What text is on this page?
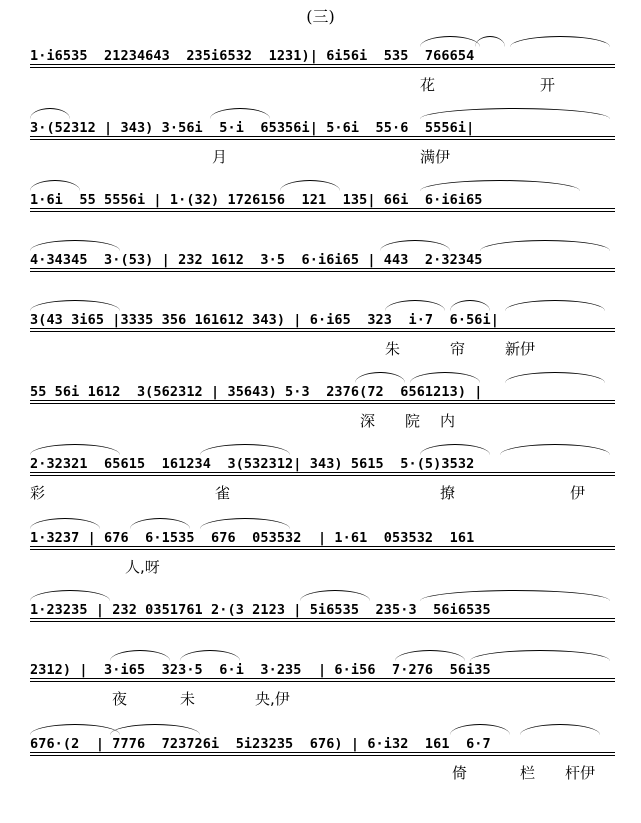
(三)
1·i6535  21234643  235i6532  1231)| 6i56i  535  766654
花	开
3·(52312 | 343) 3·56i  5·i  65356i| 5·6i  55·6  5556i|
月	满伊
1·6i  55 5556i | 1·(32) 1726156  121  135| 66i  6·i6i65
4·34345  3·(53) | 232 1612  3·5  6·i6i65 | 443  2·32345
3(43 3i65 |3335 356 161612 343) | 6·i65  323  i·7  6·56i|
朱	帘	新伊
55 56i 1612  3(562312 | 35643) 5·3  2376(72  6561213) |
深 院 内
2·32321  65615  161234  3(532312| 343) 5615  5·(5)3532
彩	雀	撩	伊
1·3237 | 676  6·1535  676  053532  | 1·61  053532  161
人,呀
1·23235 | 232 0351761 2·(3 2123 | 5i6535  235·3  56i6535
2312) |  3·i65  323·5  6·i  3·235  | 6·i56  7·276  56i35
夜	未	央,伊
676·(2  | 7776  723726i  5i23235  676) | 6·i32  161  6·7
倚	栏 杆伊
